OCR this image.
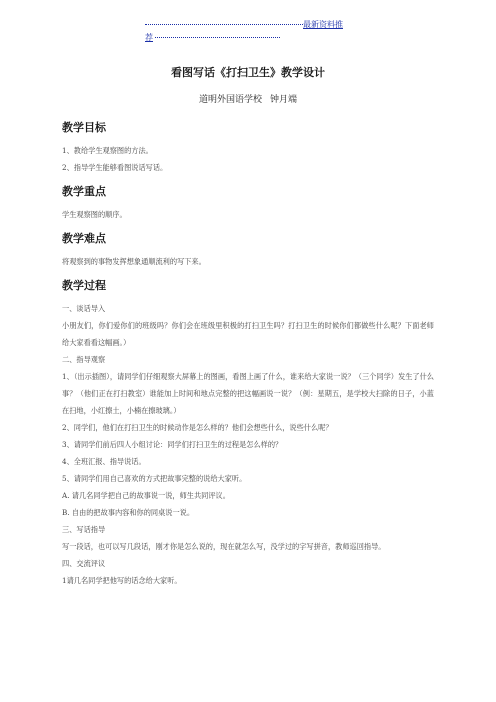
最新资料推
荐
看图写话《打扫卫生》教学设计
道明外国语学校 钟月端
教学目标

1、教给学生观察图的方法。

2、指导学生能够看图说话写话。

教学重点

学生观察图的顺序。

教学难点

将观察到的事物发挥想象通顺流利的写下来。

教学过程

一、谈话导入

小朋友们，你们爱你们的班级吗？你们会在班级里积极的打扫卫生吗？打扫卫生的时候你们都做些什么呢？下面老师给大家看看这幅画。）

二、指导观察

1、（出示插图），请同学们仔细观察大屏幕上的图画，看图上画了什么，谁来给大家说一说？（三个同学）发生了什么事？（他们正在打扫教室）谁能加上时间和地点完整的把这幅画说一说？（例：星期五，是学校大扫除的日子，小蓝在扫地，小红擦土，小楠在擦玻璃。）

2、同学们，他们在打扫卫生的时候动作是怎么样的？他们会想些什么，说些什么呢？

3、请同学们前后四人小组讨论：同学们打扫卫生的过程是怎么样的？

4、全班汇报、指导说话。

5、请同学们用自己喜欢的方式把故事完整的说给大家听。

A. 请几名同学把自己的故事说一说，师生共同评议。

B. 自由的把故事内容和你的同桌说一说。

三、写话指导

写一段话，也可以写几段话，刚才你是怎么说的，现在就怎么写，没学过的字写拼音，教师巡回指导。

四、交流评议

1请几名同学把他写的话念给大家听。
